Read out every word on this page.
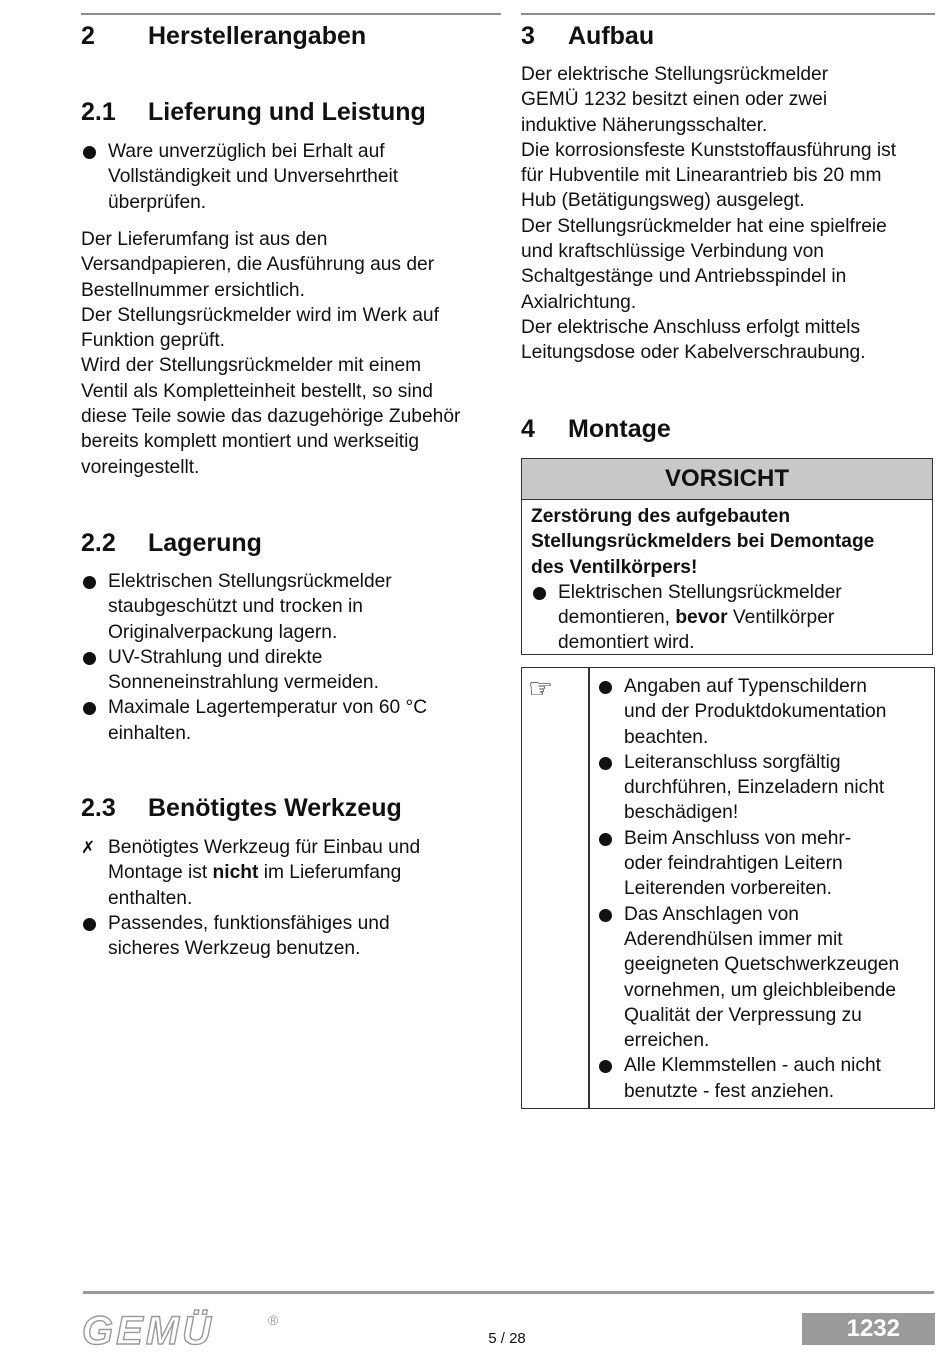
2 Herstellerangaben
2.1 Lieferung und Leistung
Ware unverzüglich bei Erhalt auf
Vollständigkeit und Unversehrtheit
überprüfen.
Der Lieferumfang ist aus den
Versandpapieren, die Ausführung aus der
Bestellnummer ersichtlich.
Der Stellungsrückmelder wird im Werk auf
Funktion geprüft.
Wird der Stellungsrückmelder mit einem
Ventil als Kompletteinheit bestellt, so sind
diese Teile sowie das dazugehörige Zubehör
bereits komplett montiert und werkseitig
voreingestellt.
2.2 Lagerung
Elektrischen Stellungsrückmelder
staubgeschützt und trocken in
Originalverpackung lagern.
UV-Strahlung und direkte
Sonneneinstrahlung vermeiden.
Maximale Lagertemperatur von 60 °C
einhalten.
2.3 Benötigtes Werkzeug
✗ Benötigtes Werkzeug für Einbau und
Montage ist nicht im Lieferumfang
enthalten.
Passendes, funktionsfähiges und
sicheres Werkzeug benutzen.
3 Aufbau
Der elektrische Stellungsrückmelder
GEMÜ 1232 besitzt einen oder zwei
induktive Näherungsschalter.
Die korrosionsfeste Kunststoffausführung ist
für Hubventile mit Linearantrieb bis 20 mm
Hub (Betätigungsweg) ausgelegt.
Der Stellungsrückmelder hat eine spielfreie
und kraftschlüssige Verbindung von
Schaltgestänge und Antriebsspindel in
Axialrichtung.
Der elektrische Anschluss erfolgt mittels
Leitungsdose oder Kabelverschraubung.
4 Montage
VORSICHT
Zerstörung des aufgebauten
Stellungsrückmelders bei Demontage
des Ventilkörpers!
Elektrischen Stellungsrückmelder
demontieren, bevor Ventilkörper
demontiert wird.
☞	Angaben auf Typenschildern
und der Produktdokumentation
beachten.
Leiteranschluss sorgfältig
durchführen, Einzeladern nicht
beschädigen!
Beim Anschluss von mehr-
oder feindrahtigen Leitern
Leiterenden vorbereiten.
Das Anschlagen von
Aderendhülsen immer mit
geeigneten Quetschwerkzeugen
vornehmen, um gleichbleibende
Qualität der Verpressung zu
erreichen.
Alle Klemmstellen - auch nicht
benutzte - fest anziehen.
GEMÜ	®
5 / 28	1232
